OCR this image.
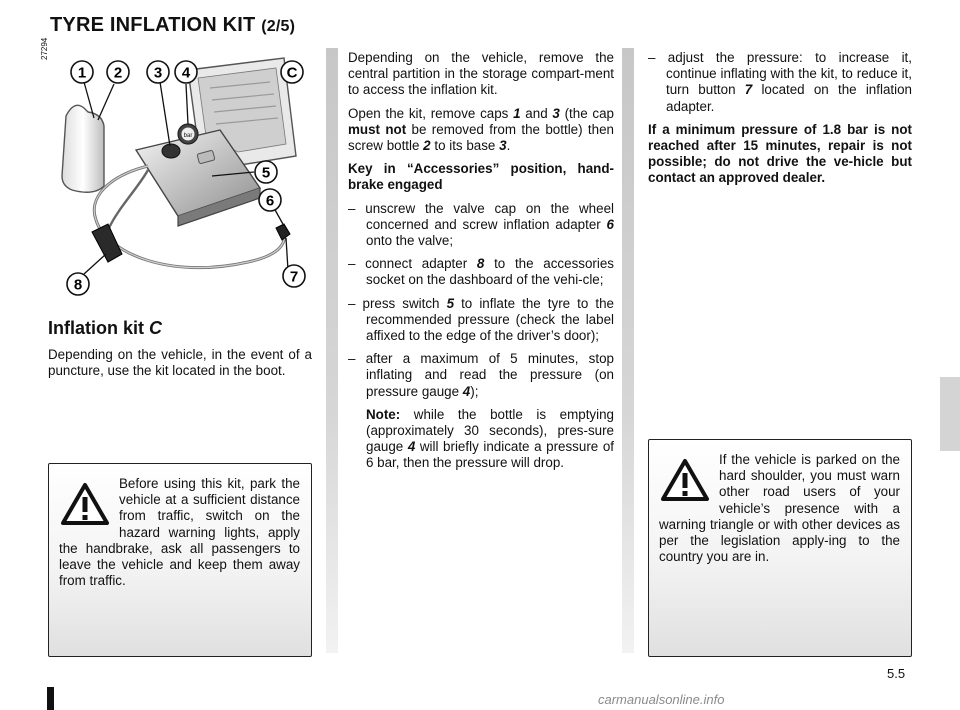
TYRE INFLATION KIT (2/5)
27294
bar
1 2 3 4	C
5
6
7
8
Inflation kit C

Depending on the vehicle, in the event of a puncture, use the kit located in the boot.

Before using this kit, park the vehicle at a sufficient distance from traffic, switch on the hazard warning lights, apply the handbrake, ask all passengers to leave the vehicle and keep them away from traffic.

Depending on the vehicle, remove the central partition in the storage compart-ment to access the inflation kit.

Open the kit, remove caps 1 and 3 (the cap must not be removed from the bottle) then screw bottle 2 to its base 3.

Key in “Accessories” position, hand-brake engaged

– unscrew the valve cap on the wheel concerned and screw inflation adapter 6 onto the valve;
– connect adapter 8 to the accessories socket on the dashboard of the vehi-cle;
– press switch 5 to inflate the tyre to the recommended pressure (check the label affixed to the edge of the driver’s door);
– after a maximum of 5 minutes, stop inflating and read the pressure (on pressure gauge 4);

Note: while the bottle is emptying (approximately 30 seconds), pres-sure gauge 4 will briefly indicate a pressure of 6 bar, then the pressure will drop.

– adjust the pressure: to increase it, continue inflating with the kit, to reduce it, turn button 7 located on the inflation adapter.

If a minimum pressure of 1.8 bar is not reached after 15 minutes, repair is not possible; do not drive the ve-hicle but contact an approved dealer.

If the vehicle is parked on the hard shoulder, you must warn other road users of your vehicle’s presence with a warning triangle or with other devices as per the legislation apply-ing to the country you are in.
5.5
carmanualsonline.info
